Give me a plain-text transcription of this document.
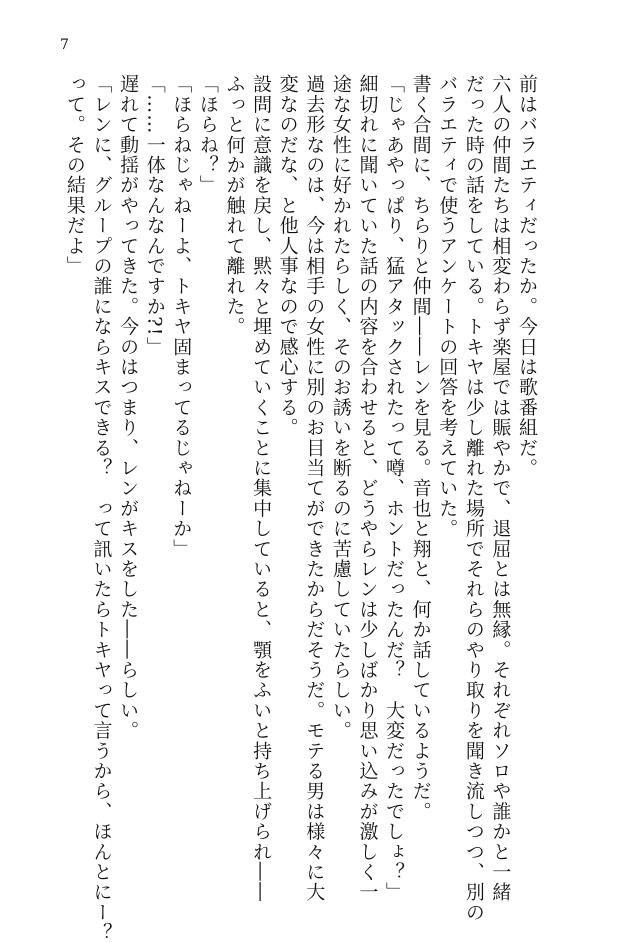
7
前はバラエティだったか。今日は歌番組だ。
六人の仲間たちは相変わらず楽屋では賑やかで、退屈とは無縁。それぞれソロや誰かと一緒
だった時の話をしている。トキヤは少し離れた場所でそれらのやり取りを聞き流しつつ、別の
バラエティで使うアンケートの回答を考えていた。
書く合間に、ちらりと仲間――レンを見る。音也と翔と、何か話しているようだ。
「じゃあやっぱり、猛アタックされたって噂、ホントだったんだ？　大変だったでしょ？」
細切れに聞いていた話の内容を合わせると、どうやらレンは少しばかり思い込みが激しく一
途な女性に好かれたらしく、そのお誘いを断るのに苦慮していたらしい。
過去形なのは、今は相手の女性に別のお目当てができたからだそうだ。モテる男は様々に大
変なのだな、と他人事なので感心する。
設問に意識を戻し、黙々と埋めていくことに集中していると、顎をふいと持ち上げられ――
ふっと何かが触れて離れた。
「ほらね？」
「ほらねじゃねーよ、トキヤ固まってるじゃねーか」
「……一体なんなんですか?!」
遅れて動揺がやってきた。今のはつまり、レンがキスをした――らしい。
「レンに、グループの誰にならキスできる？　って訊いたらトキヤって言うから、ほんとにー？
って。その結果だよ」
